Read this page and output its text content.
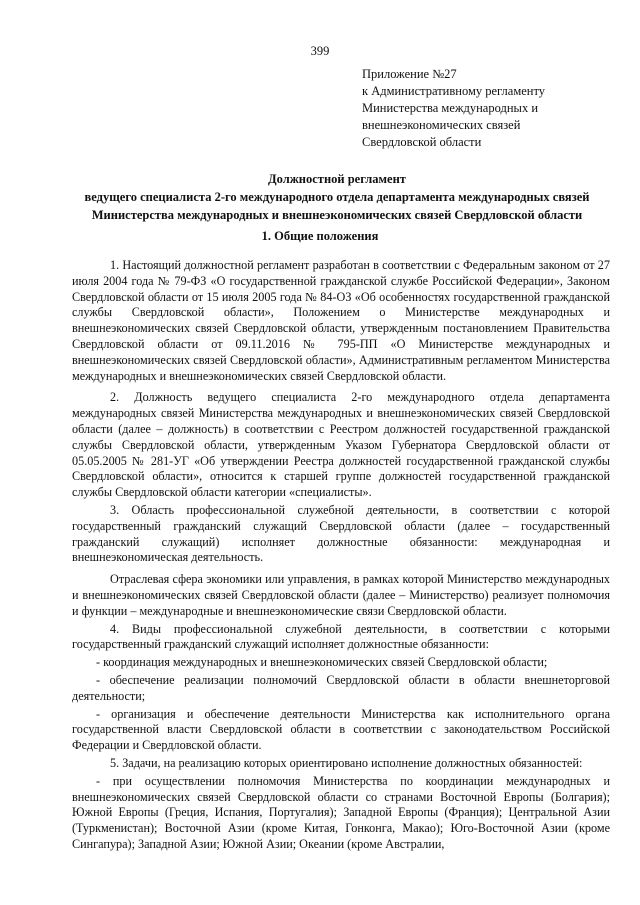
399
Приложение №27
к Административному регламенту
Министерства международных и
внешнеэкономических связей
Свердловской области
Должностной регламент
ведущего специалиста 2-го международного отдела департамента международных связей
Министерства международных и внешнеэкономических связей Свердловской области
1. Общие положения

1. Настоящий должностной регламент разработан в соответствии с Федеральным законом от 27 июля 2004 года № 79-ФЗ «О государственной гражданской службе Российской Федерации», Законом Свердловской области от 15 июля 2005 года № 84-ОЗ «Об особенностях государственной гражданской службы Свердловской области», Положением о Министерстве международных и внешнеэкономических связей Свердловской области, утвержденным постановлением Правительства Свердловской области от 09.11.2016 № 795-ПП «О Министерстве международных и внешнеэкономических связей Свердловской области», Административным регламентом Министерства международных и внешнеэкономических связей Свердловской области.

2. Должность ведущего специалиста 2-го международного отдела департамента международных связей Министерства международных и внешнеэкономических связей Свердловской области (далее – должность) в соответствии с Реестром должностей государственной гражданской службы Свердловской области, утвержденным Указом Губернатора Свердловской области от 05.05.2005 № 281-УГ «Об утверждении Реестра должностей государственной гражданской службы Свердловской области», относится к старшей группе должностей государственной гражданской службы Свердловской области категории «специалисты».

3. Область профессиональной служебной деятельности, в соответствии с которой государственный гражданский служащий Свердловской области (далее – государственный гражданский служащий) исполняет должностные обязанности: международная и внешнеэкономическая деятельность.

Отраслевая сфера экономики или управления, в рамках которой Министерство международных и внешнеэкономических связей Свердловской области (далее – Министерство) реализует полномочия и функции – международные и внешнеэкономические связи Свердловской области.

4. Виды профессиональной служебной деятельности, в соответствии с которыми государственный гражданский служащий исполняет должностные обязанности:

- координация международных и внешнеэкономических связей Свердловской области;

- обеспечение реализации полномочий Свердловской области в области внешнеторговой деятельности;

- организация и обеспечение деятельности Министерства как исполнительного органа государственной власти Свердловской области в соответствии с законодательством Российской Федерации и Свердловской области.

5. Задачи, на реализацию которых ориентировано исполнение должностных обязанностей:

- при осуществлении полномочия Министерства по координации международных и внешнеэкономических связей Свердловской области со странами Восточной Европы (Болгария); Южной Европы (Греция, Испания, Португалия); Западной Европы (Франция); Центральной Азии (Туркменистан); Восточной Азии (кроме Китая, Гонконга, Макао); Юго-Восточной Азии (кроме Сингапура); Западной Азии; Южной Азии; Океании (кроме Австралии,
